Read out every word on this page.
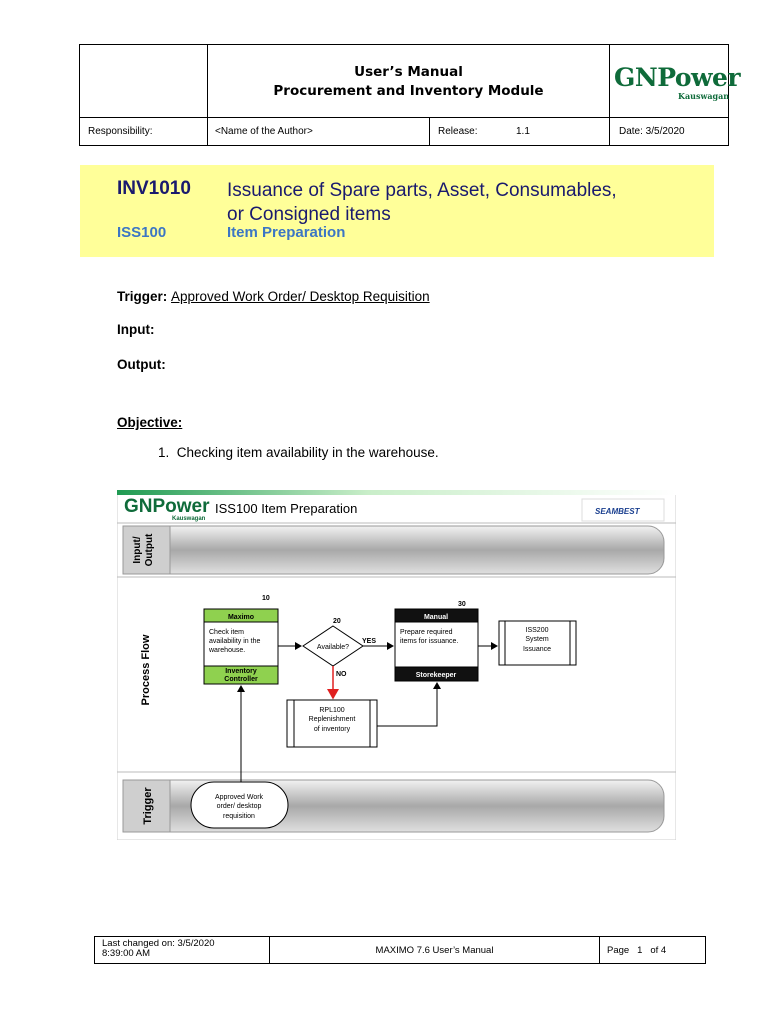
User’s Manual
Procurement and Inventory Module	GNPower
Kauswagan
Responsibility:	<Name of the Author>	Release:	1.1	Date: 3/5/2020
INV1010 Issuance of Spare parts, Asset, Consumables,
or Consigned items
ISS100	Item Preparation
Trigger: Approved Work Order/ Desktop Requisition
Input:
Output:
Objective:
1.  Checking item availability in the warehouse.
GNPower
Kauswagan
ISS100 Item Preparation	SEAMBEST
Input/ Output
Process Flow
Trigger
10
Maximo
Check item
availability in the
warehouse.
Inventory
Controller
20
Available?
YES
NO
30
Manual
Prepare required
items for issuance.
Storekeeper
ISS200
System
Issuance
RPL100
Replenishment
of inventory
Approved Work
order/ desktop
requisition
Last changed on: 3/5/2020
8:39:00 AM	MAXIMO 7.6 User’s Manual	Page 1 of 4
